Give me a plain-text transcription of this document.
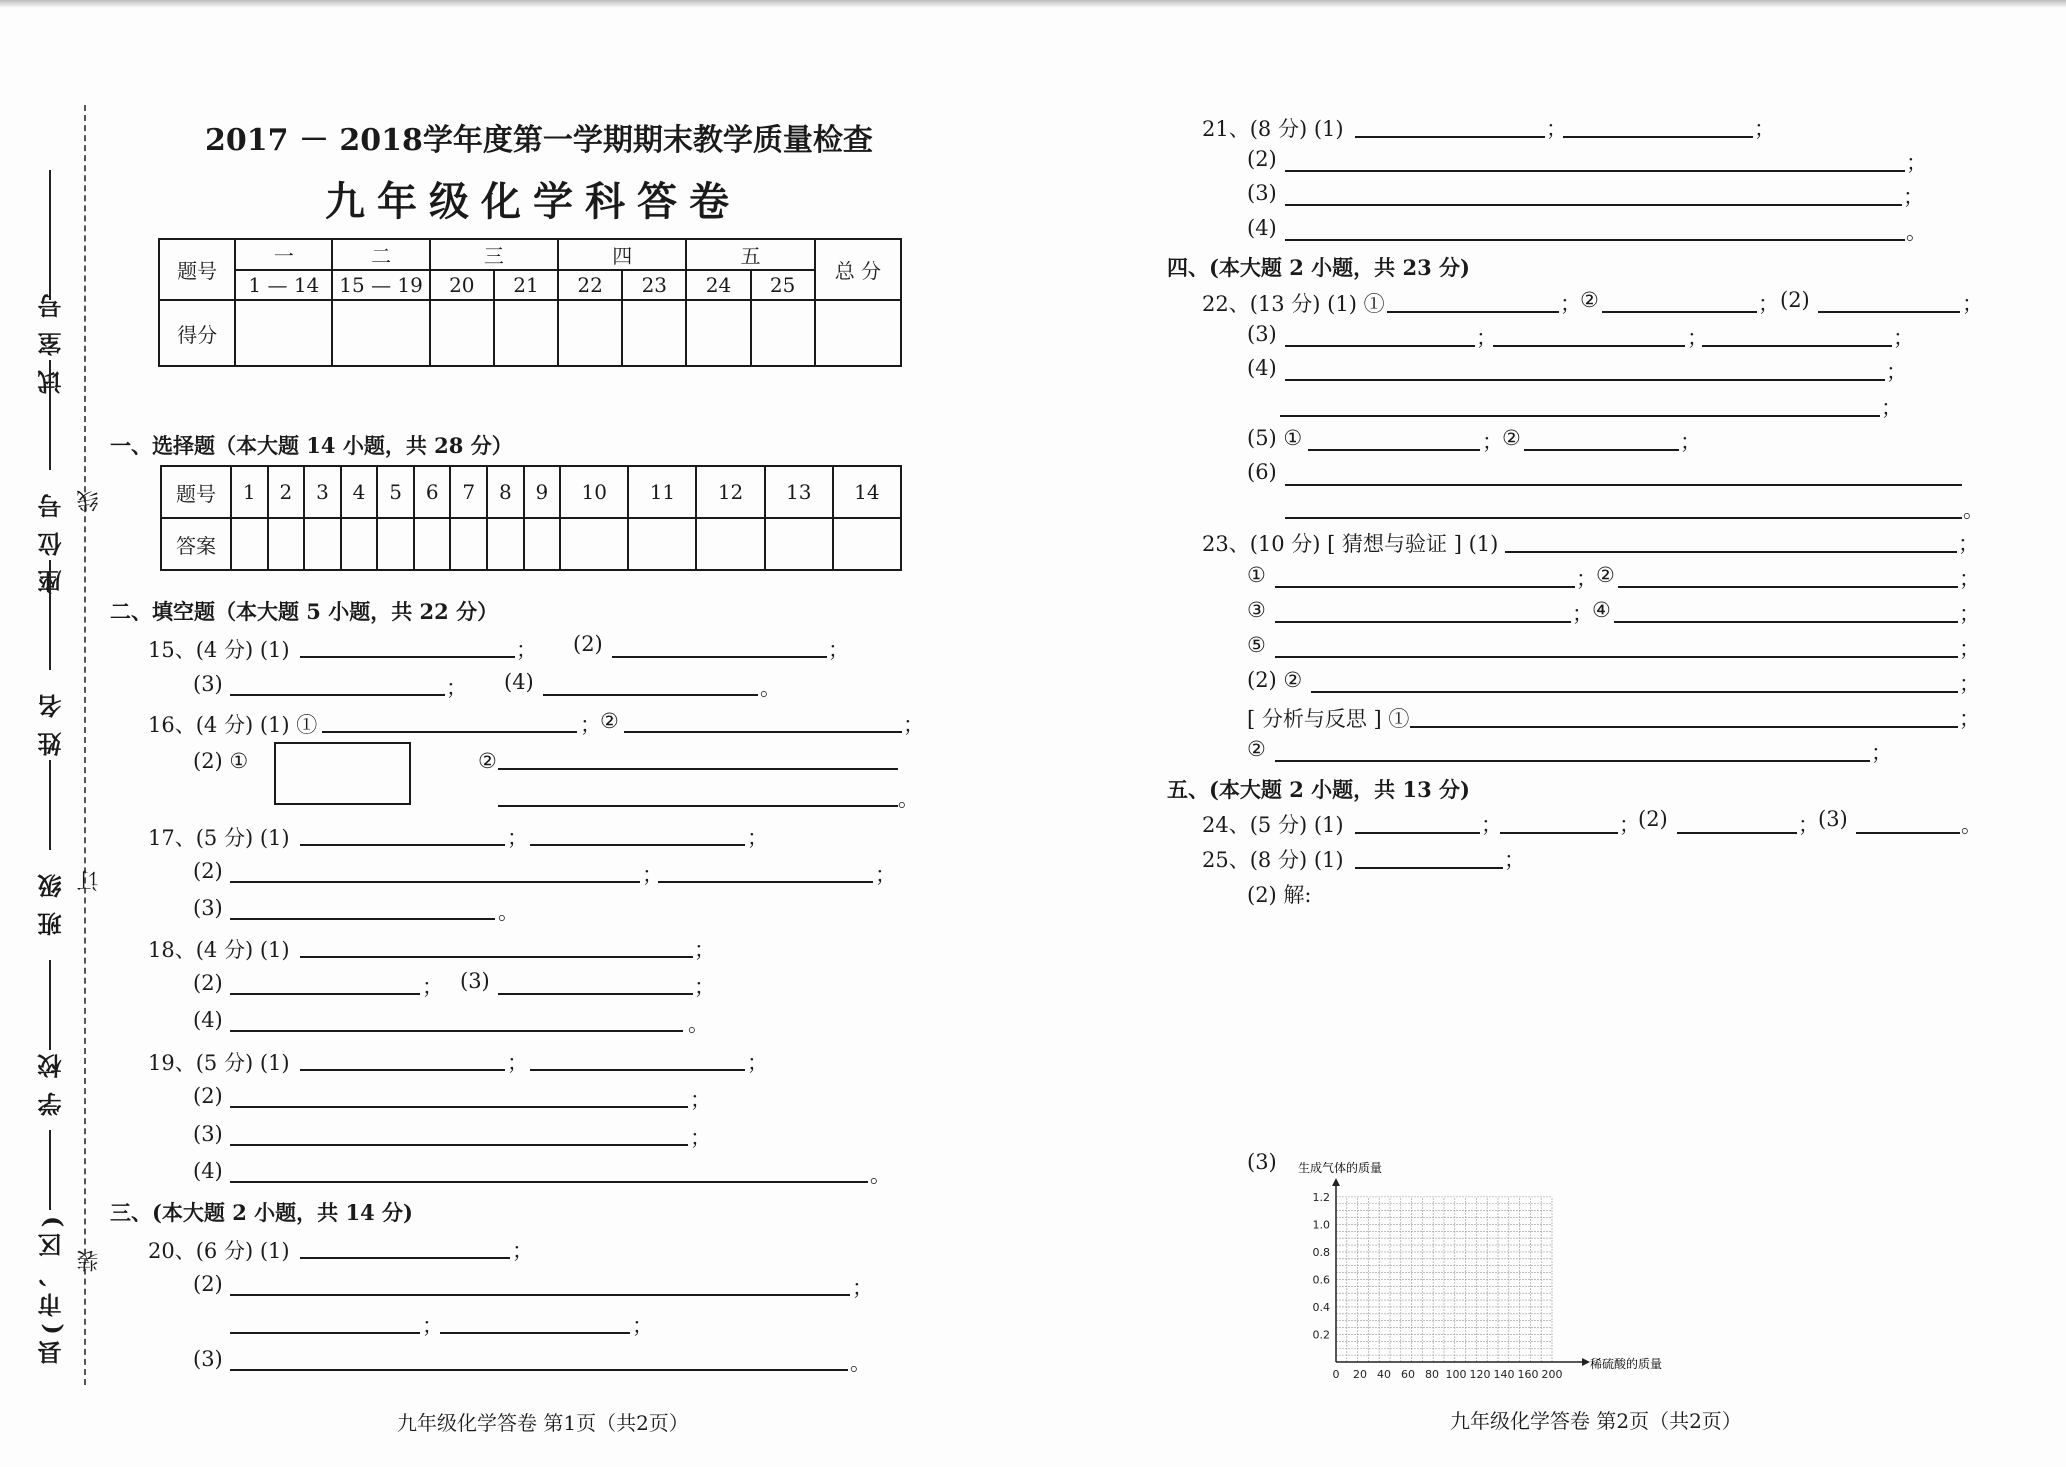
试室号
座位号
姓名
班级
学校
县(市、区)
线
订
装
2017 － 2018学年度第一学期期末教学质量检查
九年级化学科答卷
题号	一	二	三		四		五		总 分
	1 — 14	15 — 19	20	21	22	23	24	25	
得分									
一、选择题（本大题 14 小题，共 28 分）
题号	1	2	3	4	5	6	7	8	9	10	11	12	13	14
答案														
二、填空题（本大题 5 小题，共 22 分）
15、(4 分) (1)	； (2)	；
(3)	； (4)	。
16、(4 分) (1) ①	； ②	；
(2) ①	②
。
17、(5 分) (1)	；	；
(2)	；	；
(3)	。
18、(4 分) (1)	；
(2)	； (3)	；
(4)	。
19、(5 分) (1)	；	；
(2)	；
(3)	；
(4)	。
三、(本大题 2 小题，共 14 分)
20、(6 分) (1)	；
(2)	；
；	；
(3)	。
九年级化学答卷 第1页（共2页）
21、(8 分) (1)	；	；
(2)	；
(3)	；
(4)	。
四、(本大题 2 小题，共 23 分)
22、(13 分) (1) ①	； ②	； (2)	；
(3)	；	；	；
(4)	；
；
(5) ①	； ②	；
(6)
。
23、(10 分) [ 猜想与验证 ] (1)	；
①	； ②	；
③	； ④	；
⑤	；
(2) ②	；
[ 分析与反思 ] ①	；
②	；
五、(本大题 2 小题，共 13 分)
24、(5 分) (1)	；	；
(2)	； (3)	。
25、(8 分) (1)	；
(2) 解:
(3)
0 20 40 60 80 100 120 140 160 200
0.2
0.4
0.6
0.8
1.0
1.2
生成气体的质量
稀硫酸的质量
九年级化学答卷 第2页（共2页）
